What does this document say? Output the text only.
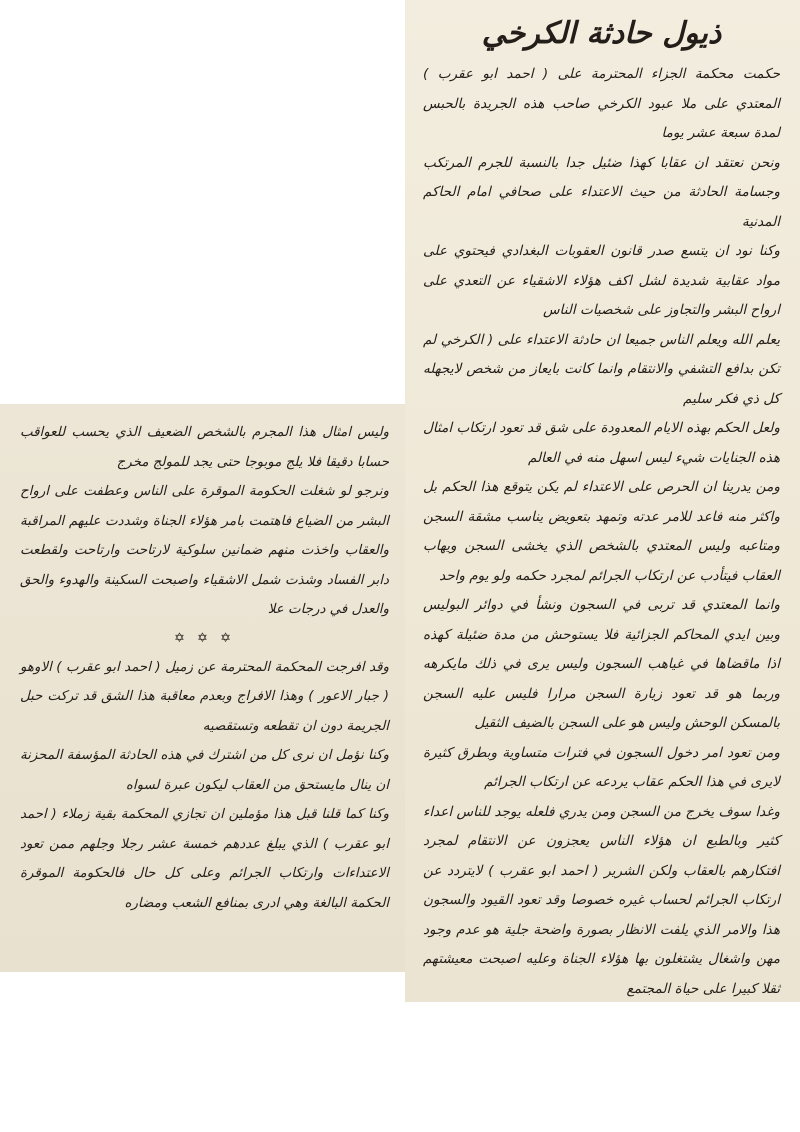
ذيول حادثة الكرخي

حكمت محكمة الجزاء المحترمة على ( احمد ابو عقرب ) المعتدي على ملا عبود الكرخي صاحب هذه الجريدة بالحبس لمدة سبعة عشر يوما

ونحن نعتقد ان عقابا كهذا ضئيل جدا بالنسبة للجرم المرتكب وجسامة الحادثة من حيث الاعتداء على صحافي امام الحاكم المدنية

وكنا نود ان يتسع صدر قانون العقوبات البغدادي فيحتوي على مواد عقابية شديدة لشل اكف هؤلاء الاشقياء عن التعدي على ارواح البشر والتجاوز على شخصيات الناس

يعلم الله ويعلم الناس جميعا ان حادثة الاعتداء على ( الكرخي لم تكن بدافع التشفي والانتقام وانما كانت بايعاز من شخص لايجهله كل ذي فكر سليم

ولعل الحكم بهذه الايام المعدودة على شق قد تعود ارتكاب امثال هذه الجنايات شيء ليس اسهل منه في العالم

ومن يدرينا ان الحرص على الاعتداء لم يكن يتوقع هذا الحكم بل واكثر منه فاعد للامر عدته وتمهد بتعويض يناسب مشقة السجن ومتاعبه وليس المعتدي بالشخص الذي يخشى السجن ويهاب العقاب فيتأدب عن ارتكاب الجرائم لمجرد حكمه ولو يوم واحد

وانما المعتدي قد تربى في السجون ونشأ في دوائر البوليس وبين ايدي المحاكم الجزائية فلا يستوحش من مدة ضئيلة كهذه اذا ماقضاها في غياهب السجون وليس يرى في ذلك مايكرهه وربما هو قد تعود زيارة السجن مرارا فليس عليه السجن بالمسكن الوحش وليس هو على السجن بالضيف الثقيل

ومن تعود امر دخول السجون في فترات متساوية وبطرق كثيرة لايرى في هذا الحكم عقاب يردعه عن ارتكاب الجرائم

وغدا سوف يخرج من السجن ومن يدري فلعله يوجد للناس اعداء كثير وبالطبع ان هؤلاء الناس يعجزون عن الانتقام لمجرد افتكارهم بالعقاب ولكن الشرير ( احمد ابو عقرب ) لايتردد عن ارتكاب الجرائم لحساب غيره خصوصا وقد تعود القيود والسجون هذا والامر الذي يلفت الانظار بصورة واضحة جلية هو عدم وجود مهن واشغال يشتغلون بها هؤلاء الجناة وعليه اصبحت معيشتهم ثقلا كبيرا على حياة المجتمع

وليس امثال هذا المجرم بالشخص الضعيف الذي يحسب للعواقب حسابا دقيقا فلا يلج موبوجا حتى يجد للمولج مخرج

ونرجو لو شغلت الحكومة الموقرة على الناس وعطفت على ارواح البشر من الضياع فاهتمت بامر هؤلاء الجناة وشددت عليهم المراقبة والعقاب واخذت منهم ضمانين سلوكية لارتاحت وارتاحت ولقطعت دابر الفساد وشذت شمل الاشقياء واصبحت السكينة والهدوء والحق والعدل في درجات علا

✡ ✡ ✡

وقد افرجت المحكمة المحترمة عن زميل ( احمد ابو عقرب ) الاوهو ( جبار الاعور ) وهذا الافراج وبعدم معاقبة هذا الشق قد تركت حبل الجريمة دون ان تقطعه وتستقصيه

وكنا نؤمل ان نرى كل من اشترك في هذه الحادثة المؤسفة المحزنة ان ينال مايستحق من العقاب ليكون عبرة لسواه

وكنا كما قلنا قبل هذا مؤملين ان تجازي المحكمة بقية زملاء ( احمد ابو عقرب ) الذي يبلغ عددهم خمسة عشر رجلا وجلهم ممن تعود الاعتداءات وارتكاب الجرائم وعلى كل حال فالحكومة الموقرة الحكمة البالغة وهي ادرى بمنافع الشعب ومضاره
